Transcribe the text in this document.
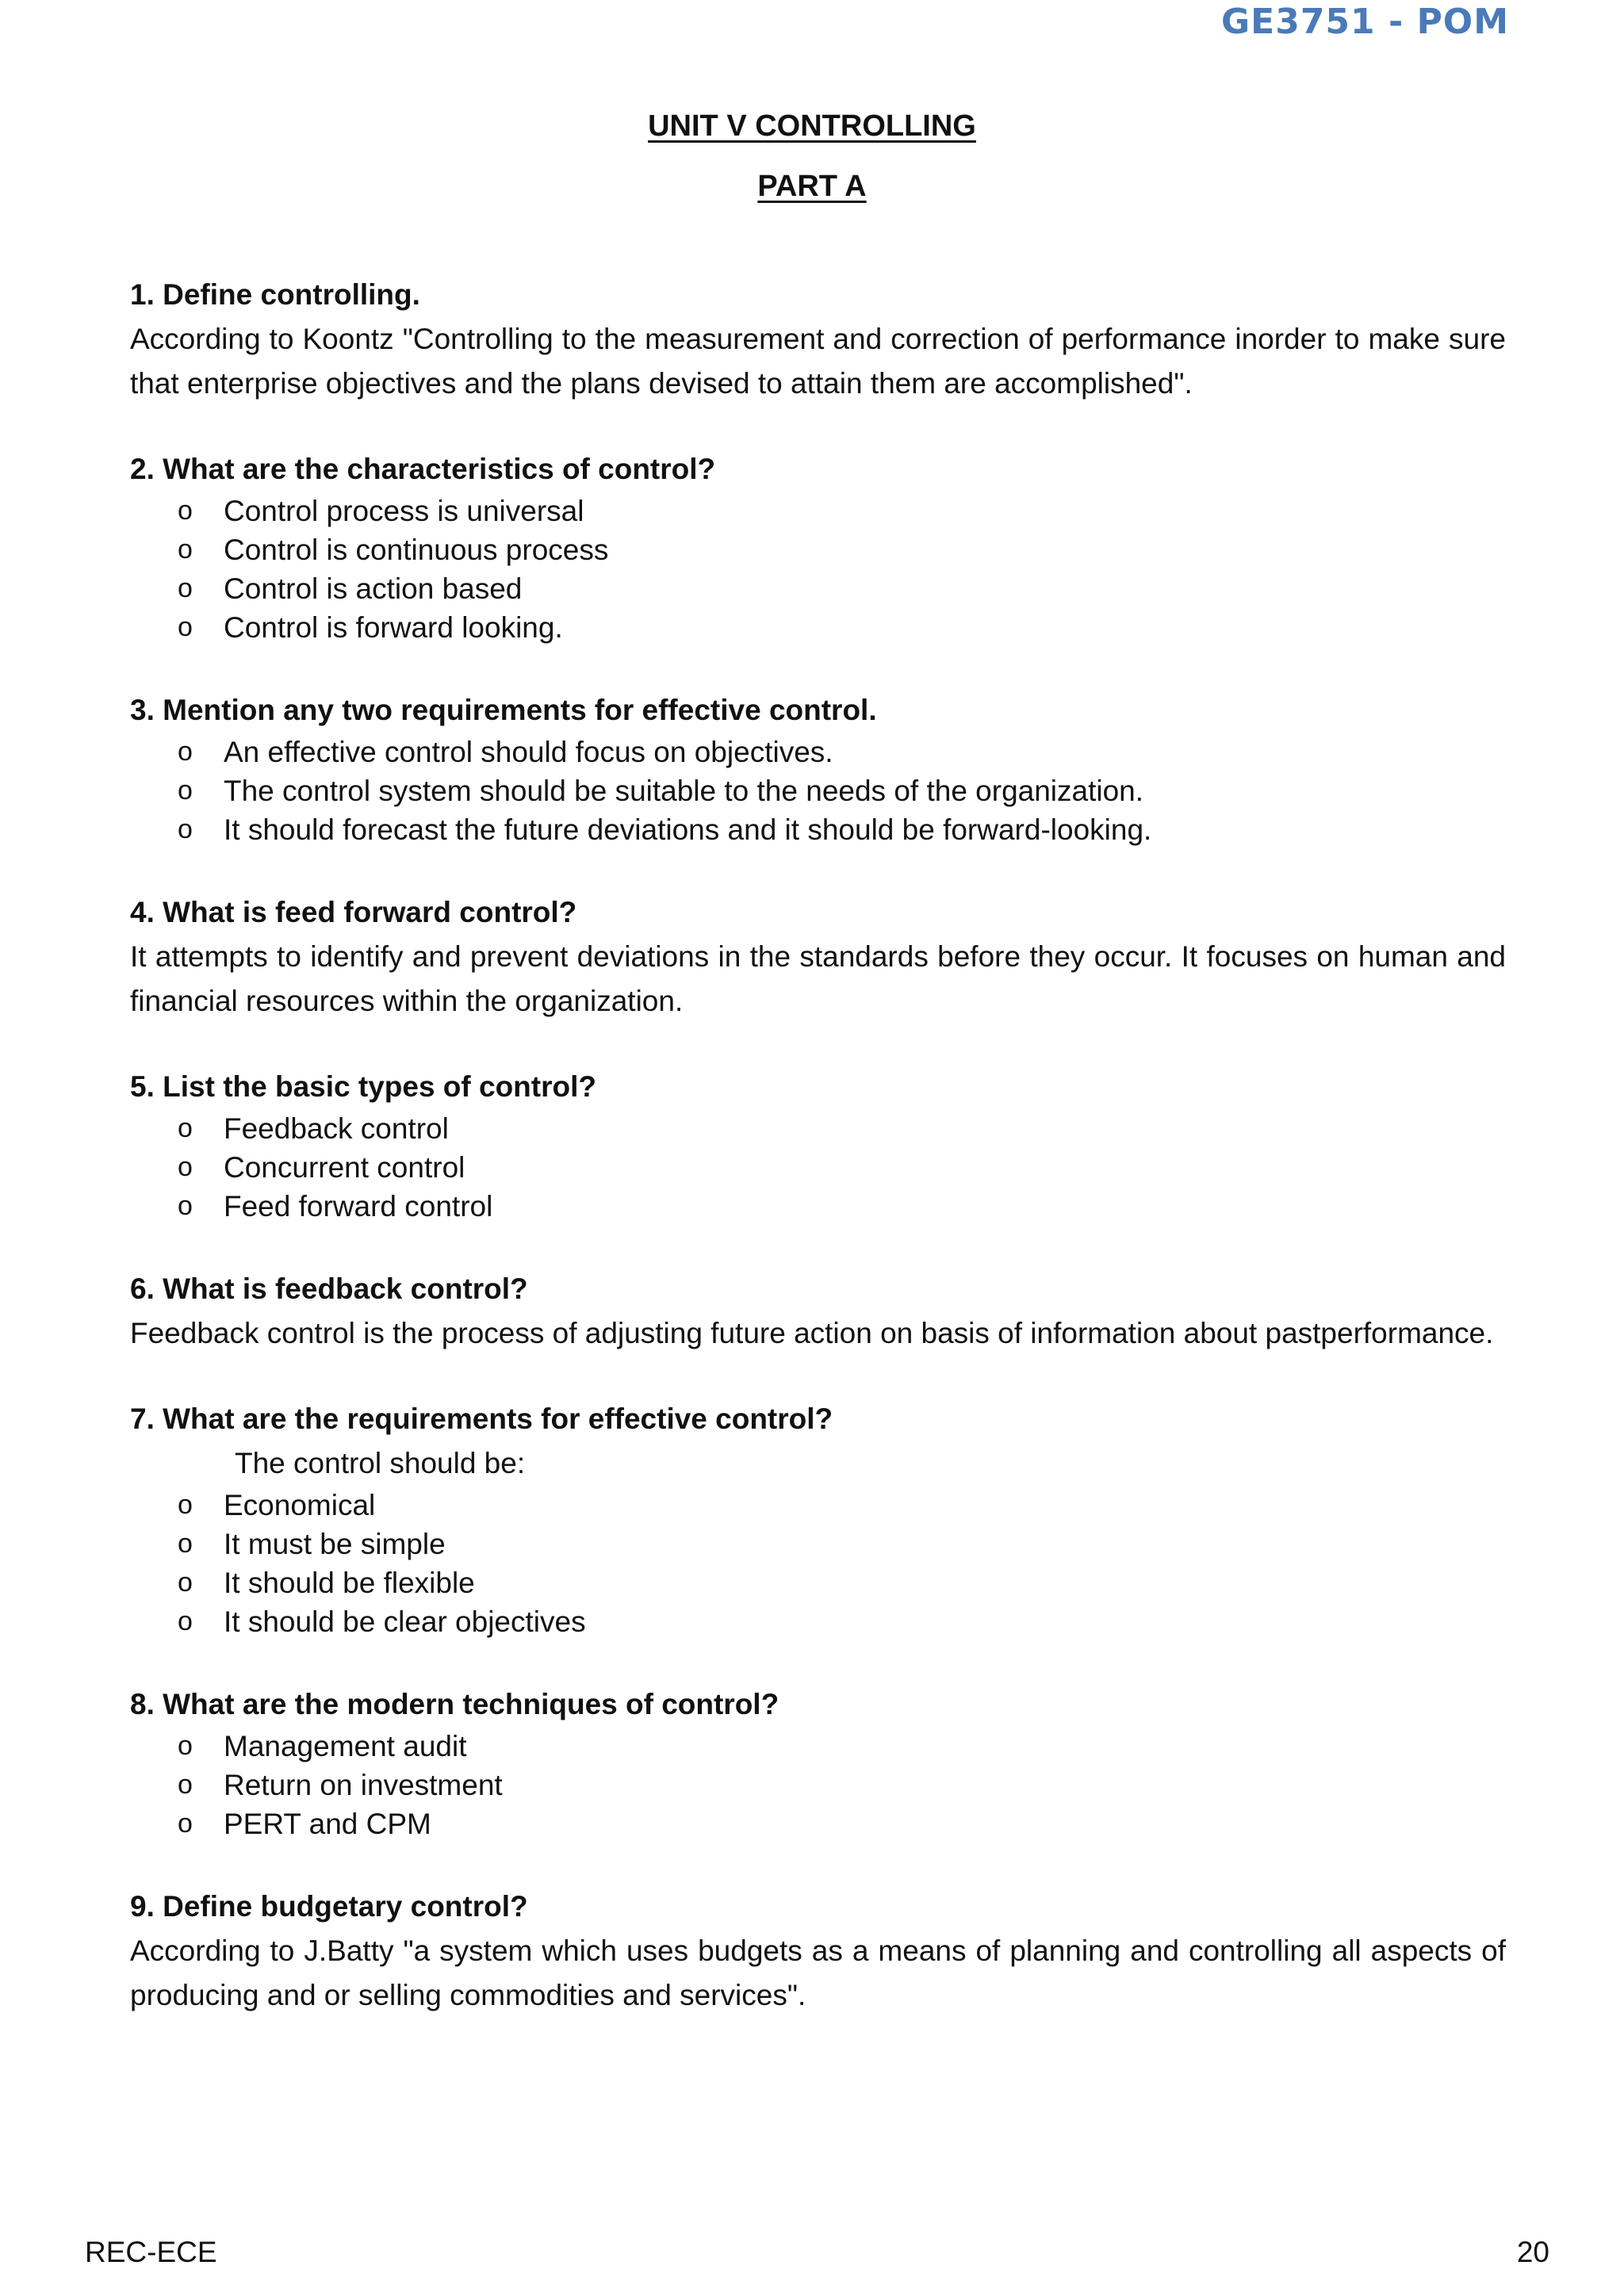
GE3751 - POM
UNIT V CONTROLLING
PART A

1. Define controlling.

According to Koontz "Controlling to the measurement and correction of performance inorder to make sure that enterprise objectives and the plans devised to attain them are accomplished".

2. What are the characteristics of control?

o Control process is universal
o Control is continuous process
o Control is action based
o Control is forward looking.

3. Mention any two requirements for effective control.

o An effective control should focus on objectives.
o The control system should be suitable to the needs of the organization.
o It should forecast the future deviations and it should be forward-looking.

4. What is feed forward control?

It attempts to identify and prevent deviations in the standards before they occur. It focuses on human and financial resources within the organization.

5. List the basic types of control?

o Feedback control
o Concurrent control
o Feed forward control

6. What is feedback control?

Feedback control is the process of adjusting future action on basis of information about pastperformance.

7. What are the requirements for effective control?

The control should be:

o Economical
o It must be simple
o It should be flexible
o It should be clear objectives

8. What are the modern techniques of control?

o Management audit
o Return on investment
o PERT and CPM

9. Define budgetary control?

According to J.Batty "a system which uses budgets as a means of planning and controlling all aspects of producing and or selling commodities and services".

REC-ECE	20
